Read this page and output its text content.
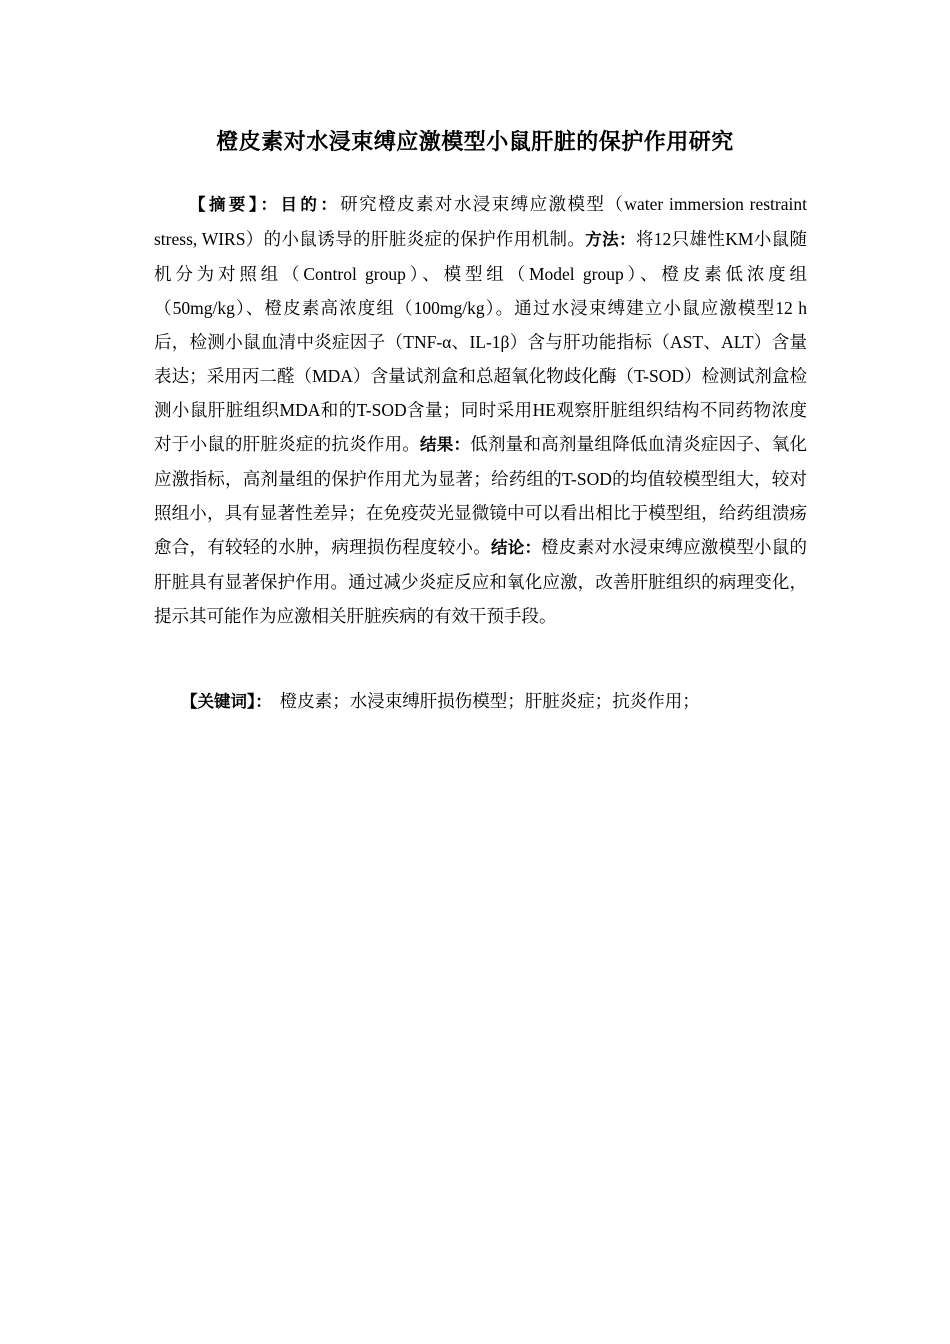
橙皮素对水浸束缚应激模型小鼠肝脏的保护作用研究
【摘要】：目的：研究橙皮素对水浸束缚应激模型（water immersion restraint stress, WIRS）的小鼠诱导的肝脏炎症的保护作用机制。方法：将12只雄性KM小鼠随机分为对照组（Control group）、模型组（Model group）、橙皮素低浓度组（50mg/kg）、橙皮素高浓度组（100mg/kg）。通过水浸束缚建立小鼠应激模型12 h后，检测小鼠血清中炎症因子（TNF-α、IL-1β）含与肝功能指标（AST、ALT）含量表达；采用丙二醛（MDA）含量试剂盒和总超氧化物歧化酶（T-SOD）检测试剂盒检测小鼠肝脏组织MDA和的T-SOD含量；同时采用HE观察肝脏组织结构不同药物浓度对于小鼠的肝脏炎症的抗炎作用。结果：低剂量和高剂量组降低血清炎症因子、氧化应激指标，高剂量组的保护作用尤为显著；给药组的T-SOD的均值较模型组大，较对照组小，具有显著性差异；在免疫荧光显微镜中可以看出相比于模型组，给药组溃疡愈合，有较轻的水肿，病理损伤程度较小。结论：橙皮素对水浸束缚应激模型小鼠的肝脏具有显著保护作用。通过减少炎症反应和氧化应激，改善肝脏组织的病理变化，提示其可能作为应激相关肝脏疾病的有效干预手段。
【关键词】： 橙皮素；水浸束缚肝损伤模型；肝脏炎症；抗炎作用；
